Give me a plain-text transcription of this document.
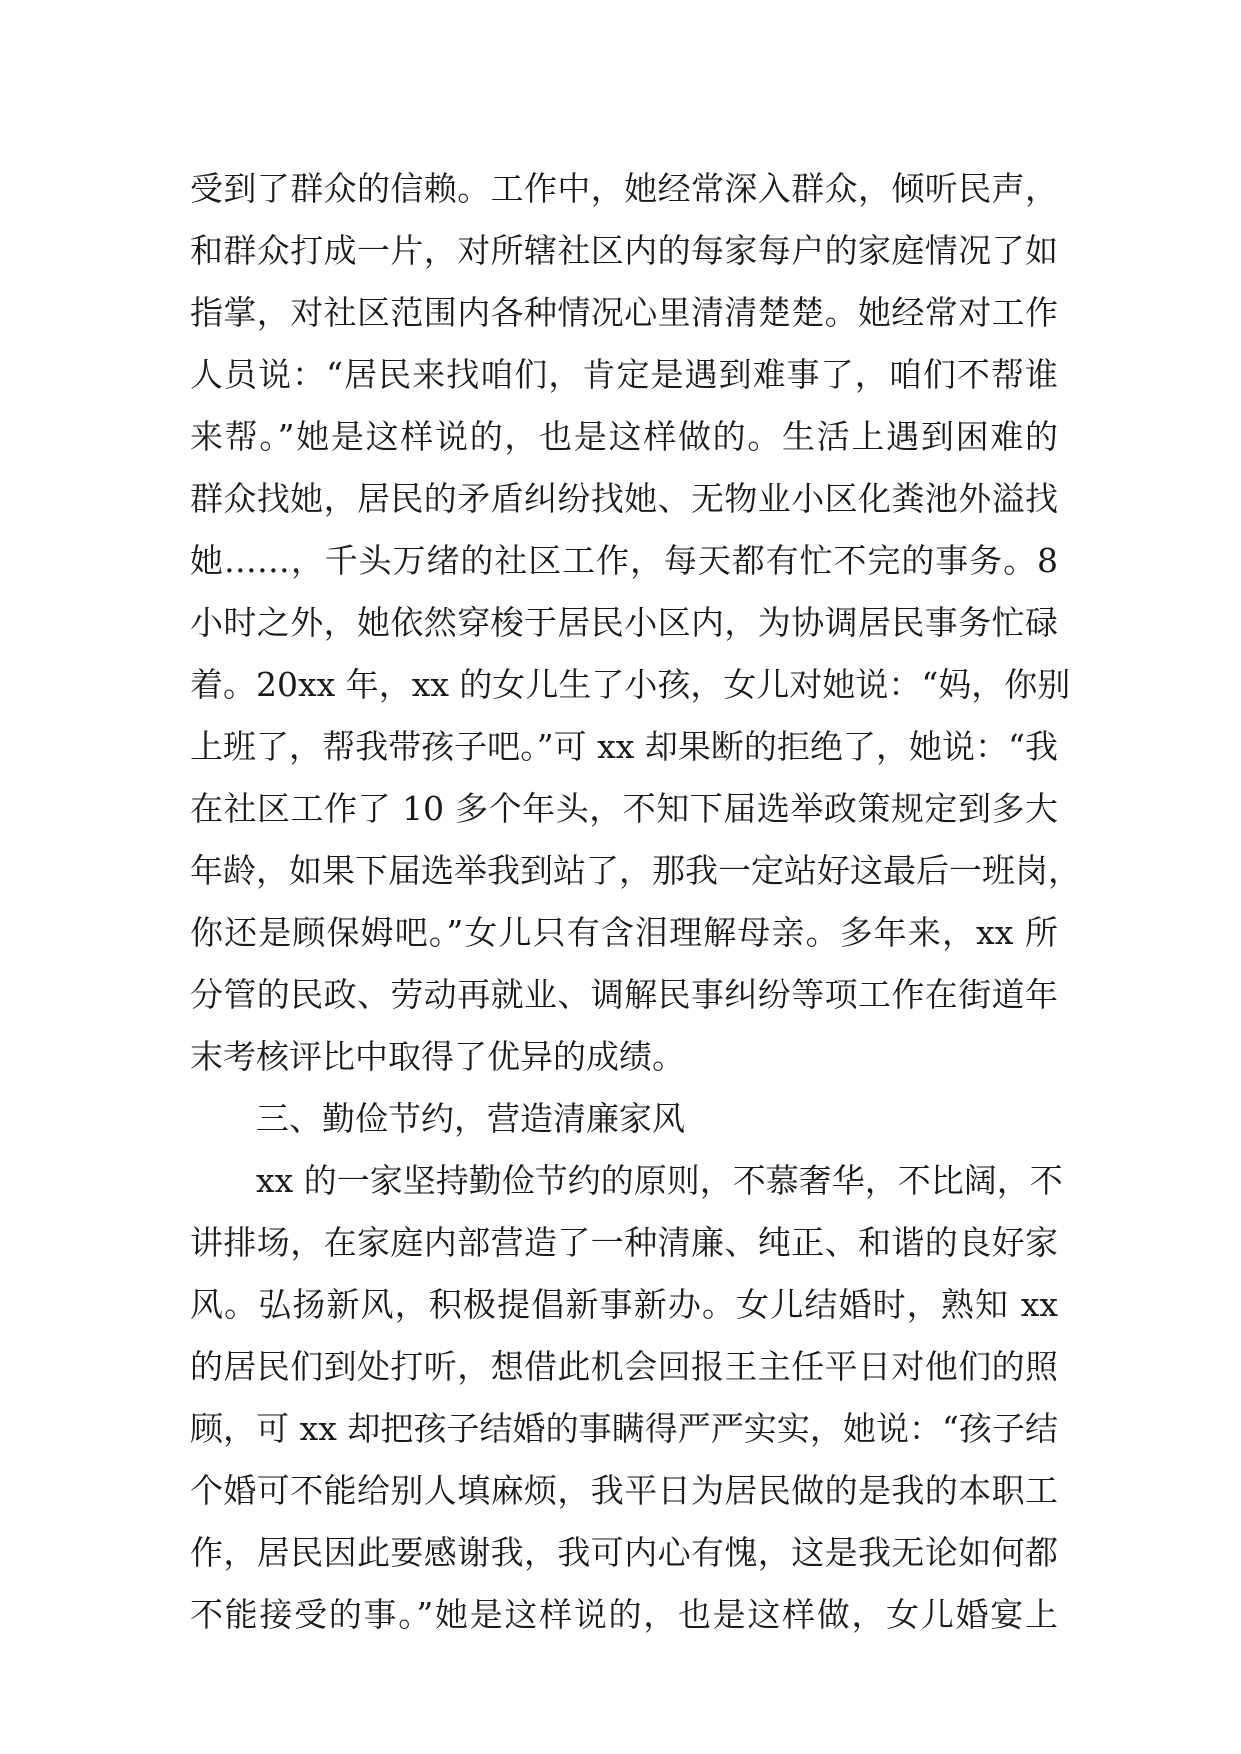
受到了群众的信赖。工作中，她经常深入群众，倾听民声，
和群众打成一片，对所辖社区内的每家每户的家庭情况了如
指掌，对社区范围内各种情况心里清清楚楚。她经常对工作
人员说：“居民来找咱们，肯定是遇到难事了，咱们不帮谁
来帮。”她是这样说的，也是这样做的。生活上遇到困难的
群众找她，居民的矛盾纠纷找她、无物业小区化粪池外溢找
她……，千头万绪的社区工作，每天都有忙不完的事务。8
小时之外，她依然穿梭于居民小区内，为协调居民事务忙碌
着。20xx 年，xx 的女儿生了小孩，女儿对她说：“妈，你别
上班了，帮我带孩子吧。”可 xx 却果断的拒绝了，她说：“我
在社区工作了 10 多个年头，不知下届选举政策规定到多大
年龄，如果下届选举我到站了，那我一定站好这最后一班岗，
你还是顾保姆吧。”女儿只有含泪理解母亲。多年来，xx 所
分管的民政、劳动再就业、调解民事纠纷等项工作在街道年
末考核评比中取得了优异的成绩。
三、勤俭节约，营造清廉家风
xx 的一家坚持勤俭节约的原则，不慕奢华，不比阔，不
讲排场，在家庭内部营造了一种清廉、纯正、和谐的良好家
风。弘扬新风，积极提倡新事新办。女儿结婚时，熟知 xx
的居民们到处打听，想借此机会回报王主任平日对他们的照
顾，可 xx 却把孩子结婚的事瞒得严严实实，她说：“孩子结
个婚可不能给别人填麻烦，我平日为居民做的是我的本职工
作，居民因此要感谢我，我可内心有愧，这是我无论如何都
不能接受的事。”她是这样说的，也是这样做，女儿婚宴上
